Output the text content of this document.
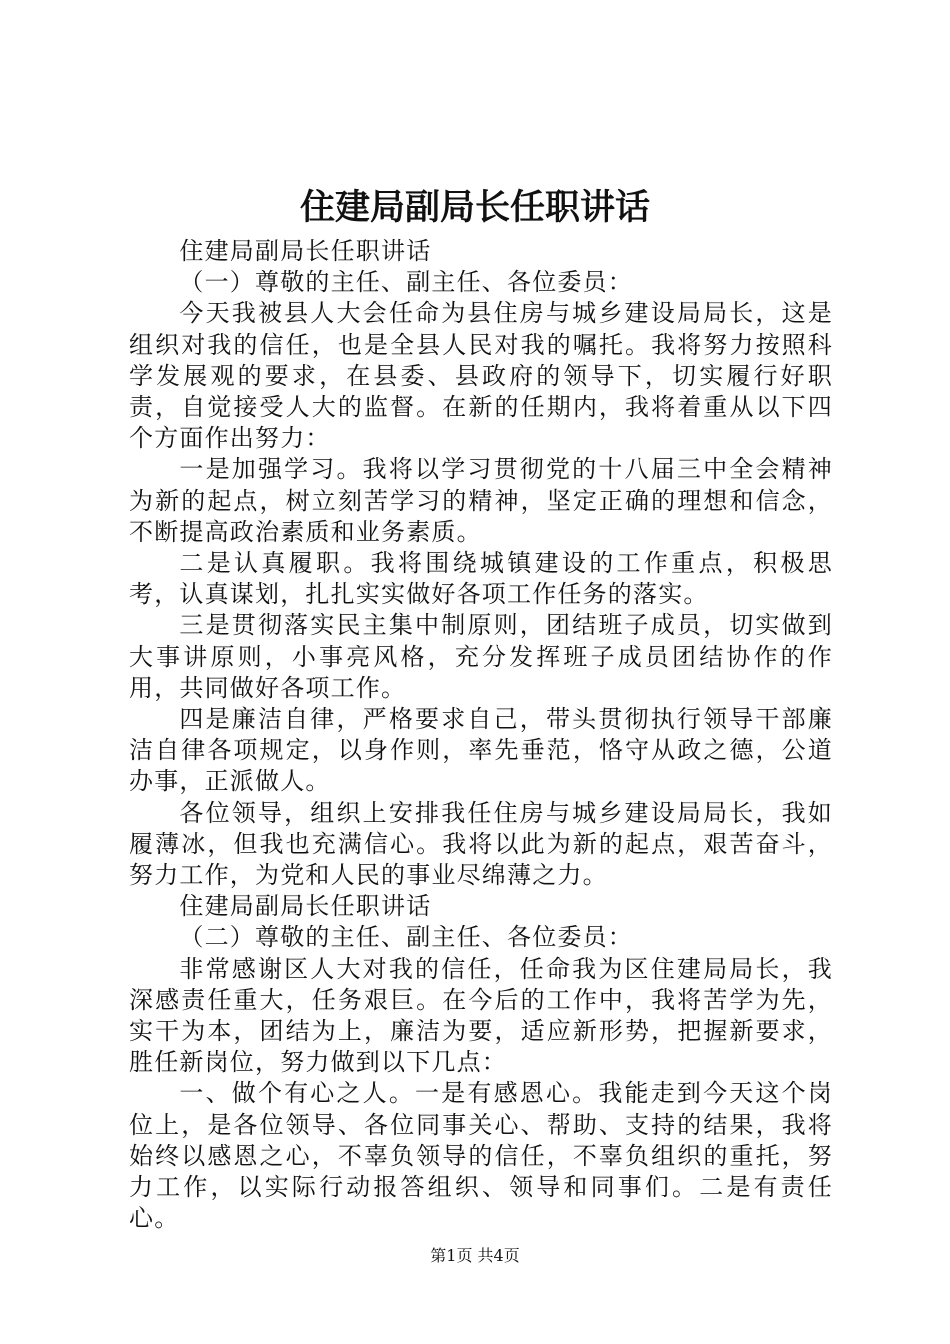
住建局副局长任职讲话

住建局副局长任职讲话

（一）尊敬的主任、副主任、各位委员：

今天我被县人大会任命为县住房与城乡建设局局长，这是组织对我的信任，也是全县人民对我的嘱托。我将努力按照科学发展观的要求，在县委、县政府的领导下，切实履行好职责，自觉接受人大的监督。在新的任期内，我将着重从以下四个方面作出努力：

一是加强学习。我将以学习贯彻党的十八届三中全会精神为新的起点，树立刻苦学习的精神，坚定正确的理想和信念，不断提高政治素质和业务素质。

二是认真履职。我将围绕城镇建设的工作重点，积极思考，认真谋划，扎扎实实做好各项工作任务的落实。

三是贯彻落实民主集中制原则，团结班子成员，切实做到大事讲原则，小事亮风格，充分发挥班子成员团结协作的作用，共同做好各项工作。

四是廉洁自律，严格要求自己，带头贯彻执行领导干部廉洁自律各项规定，以身作则，率先垂范，恪守从政之德，公道办事，正派做人。

各位领导，组织上安排我任住房与城乡建设局局长，我如履薄冰，但我也充满信心。我将以此为新的起点，艰苦奋斗，努力工作，为党和人民的事业尽绵薄之力。

住建局副局长任职讲话

（二）尊敬的主任、副主任、各位委员：

非常感谢区人大对我的信任，任命我为区住建局局长，我深感责任重大，任务艰巨。在今后的工作中，我将苦学为先，实干为本，团结为上，廉洁为要，适应新形势，把握新要求，胜任新岗位，努力做到以下几点：

一、做个有心之人。一是有感恩心。我能走到今天这个岗位上，是各位领导、各位同事关心、帮助、支持的结果，我将始终以感恩之心，不辜负领导的信任，不辜负组织的重托，努力工作，以实际行动报答组织、领导和同事们。二是有责任心。

第1页 共4页
